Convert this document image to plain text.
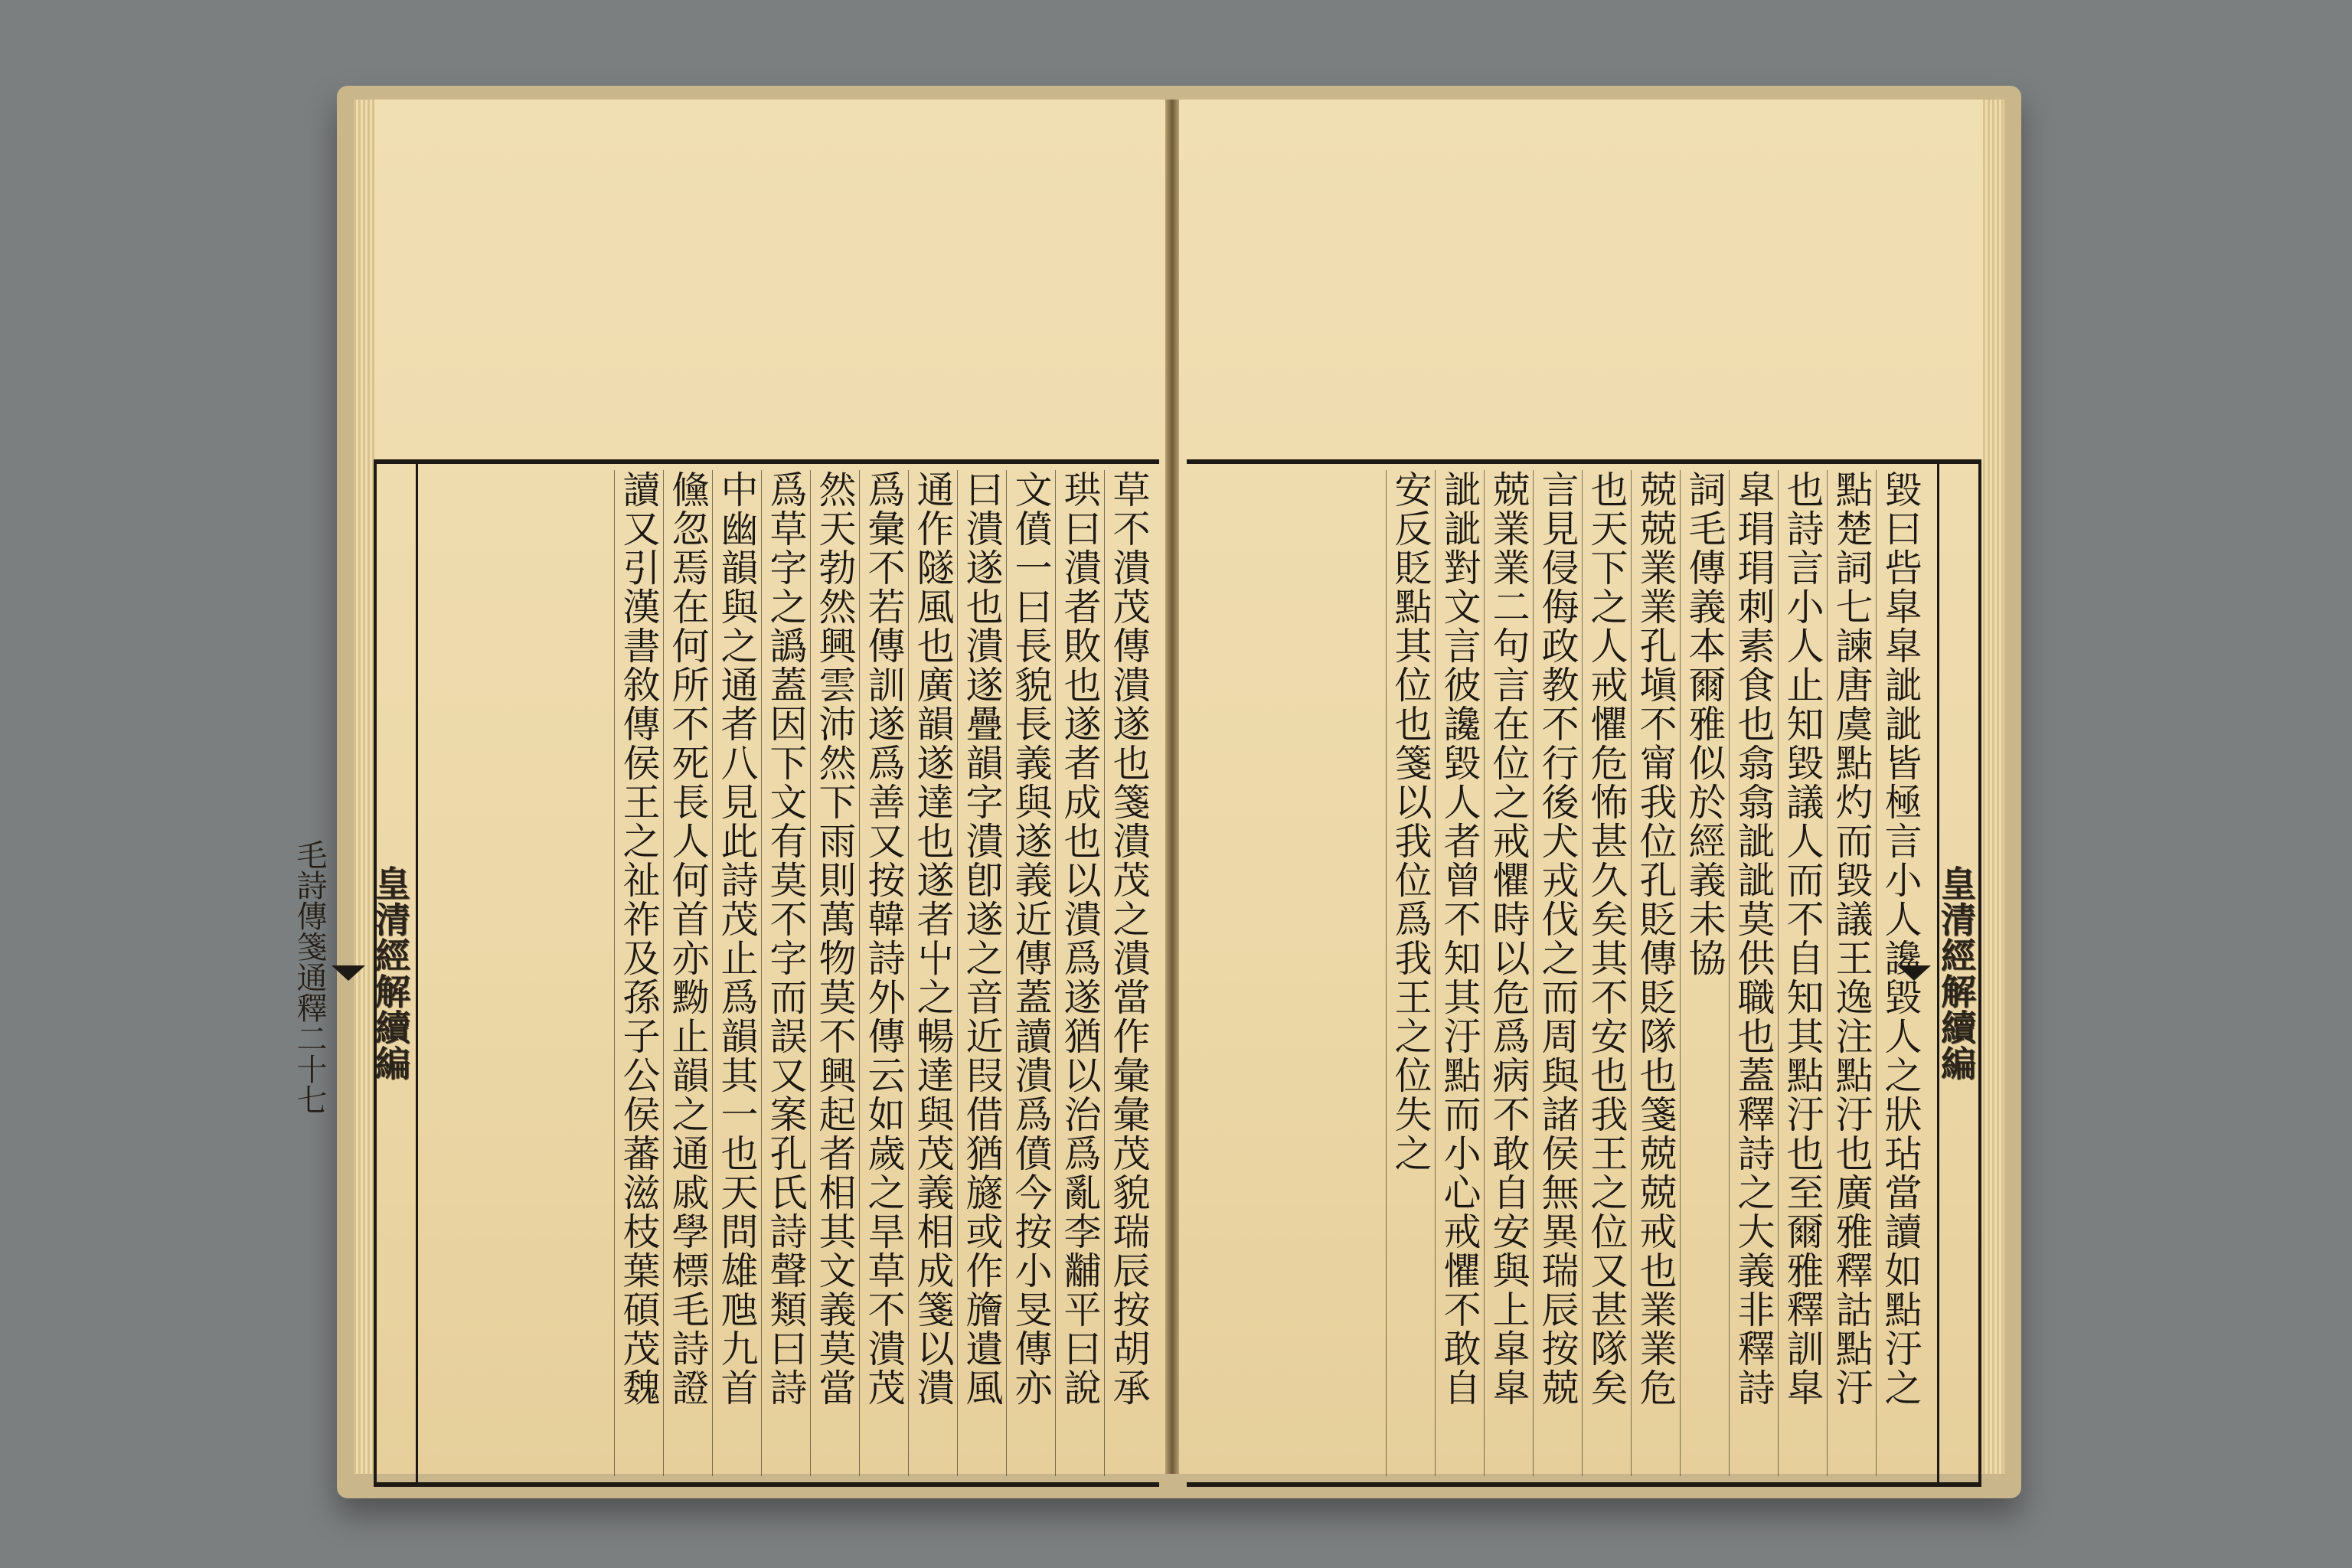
皇清經解續編
毛詩傳箋通釋二十七	草不潰茂傳潰遂也箋潰茂之潰當作彙彙茂貌瑞辰按胡承
珙曰潰者敗也遂者成也以潰爲遂猶以治爲亂李黼平曰說
文僨一曰長貌長義與遂義近傳蓋讀潰爲僨今按小旻傳亦
曰潰遂也潰遂疊韻字潰卽遂之音近叚借猶旞或作旝遺風
通作隧風也廣韻遂達也遂者屮之暢達與茂義相成箋以潰
爲彙不若傳訓遂爲善又按韓詩外傳云如歲之旱草不潰茂
然天勃然興雲沛然下雨則萬物莫不興起者相其文義莫當
爲草字之譌蓋因下文有莫不字而誤又案孔氏詩聲類曰詩
中幽韻與之通者八見此詩茂止爲韻其一也天問雄虺九首
儵忽焉在何所不死長人何首亦黝止韻之通戚學標毛詩證
讀又引漢書敘傳侯王之祉祚及孫子公侯蕃滋枝葉碩茂魏	皇清經解續編
毀曰呰皐皐訿訿皆極言小人讒毀人之狀玷當讀如點汙之
點楚詞七諫唐虞點灼而毀議王逸注點汙也廣雅釋詁點汙
也詩言小人止知毀議人而不自知其點汙也至爾雅釋訓皐
皐琄琄刺素食也翕翕訿訿莫供職也蓋釋詩之大義非釋詩
詞毛傳義本爾雅似於經義未協
兢兢業業孔塡不甯我位孔貶傳貶隊也箋兢兢戒也業業危
也天下之人戒懼危怖甚久矣其不安也我王之位又甚隊矣
言見侵侮政教不行後犬戎伐之而周與諸侯無異瑞辰按兢
兢業業二句言在位之戒懼時以危爲病不敢自安與上皐皐
訿訿對文言彼讒毀人者曾不知其汙點而小心戒懼不敢自
安反貶點其位也箋以我位爲我王之位失之
